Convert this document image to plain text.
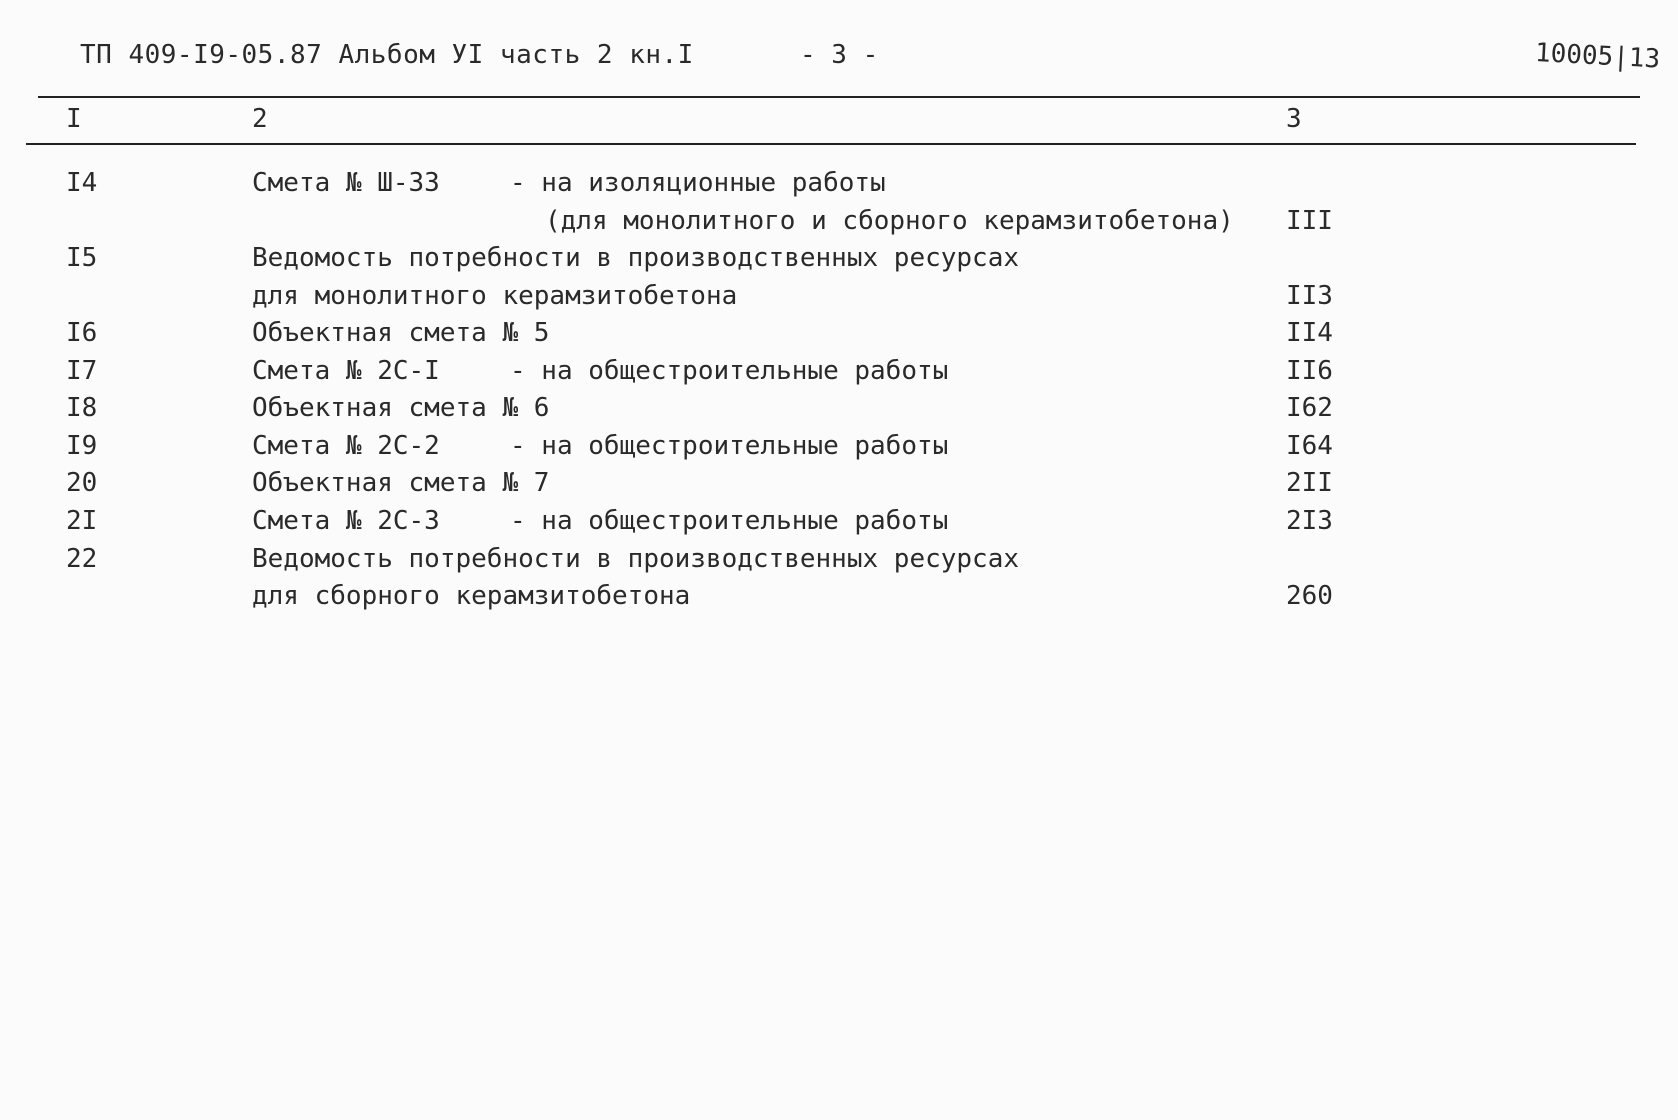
ТП 409-I9-05.87 Альбом УI часть 2 кн.I	- 3 -	10005|13
I	2	3
I4	Смета № Ш-33	- на изоляционные работы
(для монолитного и сборного керамзитобетона) III
I5	Ведомость потребности в производственных ресурсах
для монолитного керамзитобетона	II3
I6	Объектная смета № 5	II4
I7	Смета № 2С-I	- на общестроительные работы	II6
I8	Объектная смета № 6	I62
I9	Смета № 2С-2	- на общестроительные работы	I64
20	Объектная смета № 7	2II
2I	Смета № 2С-3	- на общестроительные работы	2I3
22	Ведомость потребности в производственных ресурсах
для сборного керамзитобетона	260
